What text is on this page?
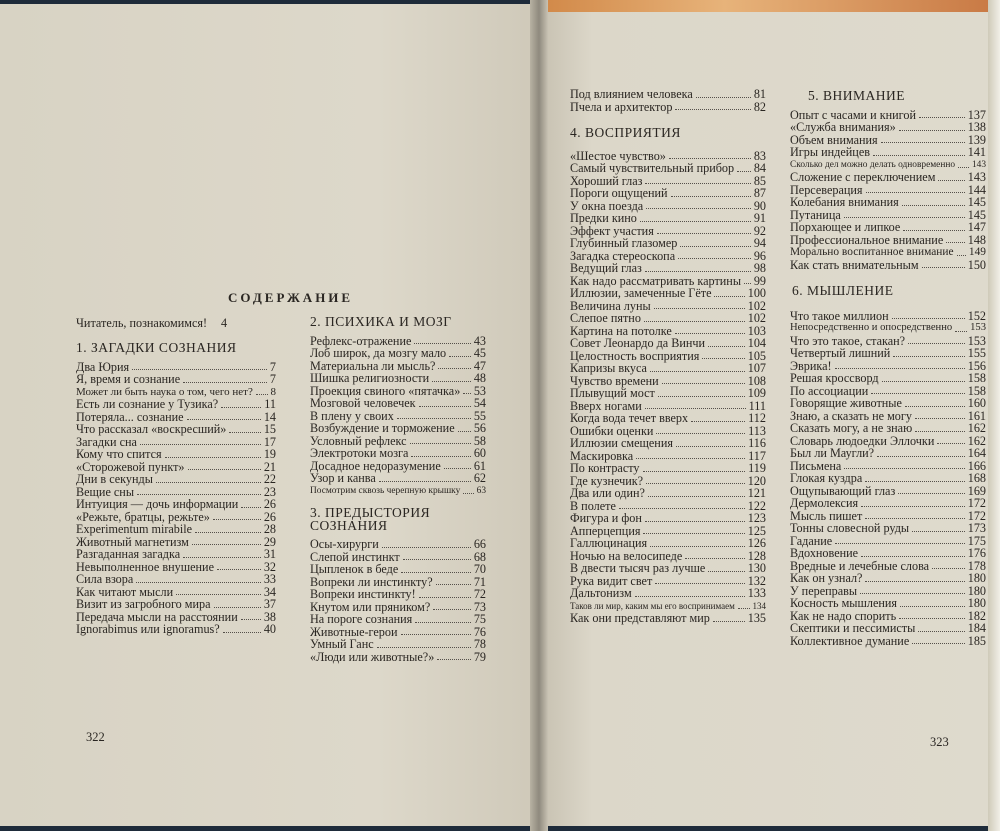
СОДЕРЖАНИЕ
Читатель, познакомимся! 4
1. ЗАГАДКИ СОЗНАНИЯ
Два Юрия	7
Я, время и сознание	7
Может ли быть наука о том, чего нет? 8
Есть ли сознание у Тузика?	11
Потеряла... сознание	14
Что рассказал «воскресший»	15
Загадки сна	17
Кому что спится	19
«Сторожевой пункт»	21
Дни в секунды	22
Вещие сны	23
Интуиция — дочь информации 26
«Режьте, братцы, режьте»	26
Experimentum mirabile	28
Животный магнетизм	29
Разгаданная загадка	31
Невыполненное внушение	32
Сила взора	33
Как читают мысли	34
Визит из загробного мира	37
Передача мысли на расстоянии 38
Ignorabimus или ignoramus?	40
2. ПСИХИКА И МОЗГ
Рефлекс-отражение	43
Лоб широк, да мозгу мало 45
Материальна ли мысль?	47
Шишка религиозности	48
Проекция свиного «пятачка» 53
Мозговой человечек	54
В плену у своих	55
Возбуждение и торможение 56
Условный рефлекс	58
Электротоки мозга	60
Досадное недоразумение	61
Узор и канва	62
Посмотрим сквозь черепную крышку 63
3. ПРЕДЫСТОРИЯ СОЗНАНИЯ
Осы-хирурги	66
Слепой инстинкт	68
Цыпленок в беде	70
Вопреки ли инстинкту?	71
Вопреки инстинкту!	72
Кнутом или пряником?	73
На пороге сознания	75
Животные-герои	76
Умный Ганс	78
«Люди или животные?»	79
Под влиянием человека	81
Пчела и архитектор	82
4. ВОСПРИЯТИЯ
«Шестое чувство»	83
Самый чувствительный прибор 84
Хороший глаз	85
Пороги ощущений	87
У окна поезда	90
Предки кино	91
Эффект участия	92
Глубинный глазомер	94
Загадка стереоскопа	96
Ведущий глаз	98
Как надо рассматривать картины 99
Иллюзии, замеченные Гёте	100
Величина луны	102
Слепое пятно	102
Картина на потолке	103
Совет Леонардо да Винчи	104
Целостность восприятия	105
Капризы вкуса	107
Чувство времени	108
Плывущий мост	109
Вверх ногами	111
Когда вода течет вверх	112
Ошибки оценки	113
Иллюзии смещения	116
Маскировка	117
По контрасту	119
Где кузнечик?	120
Два или один?	121
В полете	122
Фигура и фон	123
Апперцепция	125
Галлюцинация	126
Ночью на велосипеде	128
В двести тысяч раз лучше	130
Рука видит свет	132
Дальтонизм	133
Таков ли мир, каким мы его воспринимаем 134
Как они представляют мир	135
5. ВНИМАНИЕ
Опыт с часами и книгой	137
«Служба внимания»	138
Объем внимания	139
Игры индейцев	141
Сколько дел можно делать одновременно 143
Сложение с переключением	143
Персеверация	144
Колебания внимания	145
Путаница	145
Порхающее и липкое	147
Профессиональное внимание 148
Морально воспитанное внимание 149
Как стать внимательным	150
6. МЫШЛЕНИЕ
Что такое миллион	152
Непосредственно и опосредственно 153
Что это такое, стакан?	153
Четвертый лишний	155
Эврика!	156
Решая кроссворд	158
По ассоциации	158
Говорящие животные	160
Знаю, а сказать не могу	161
Сказать могу, а не знаю	162
Словарь людоедки Эллочки	162
Был ли Маугли?	164
Письмена	166
Глокая куздра	168
Ощупывающий глаз	169
Дермолексия	172
Мысль пишет	172
Тонны словесной руды	173
Гадание	175
Вдохновение	176
Вредные и лечебные слова	178
Как он узнал?	180
У переправы	180
Косность мышления	180
Как не надо спорить	182
Скептики и пессимисты	184
Коллективное думание	185
322	323
